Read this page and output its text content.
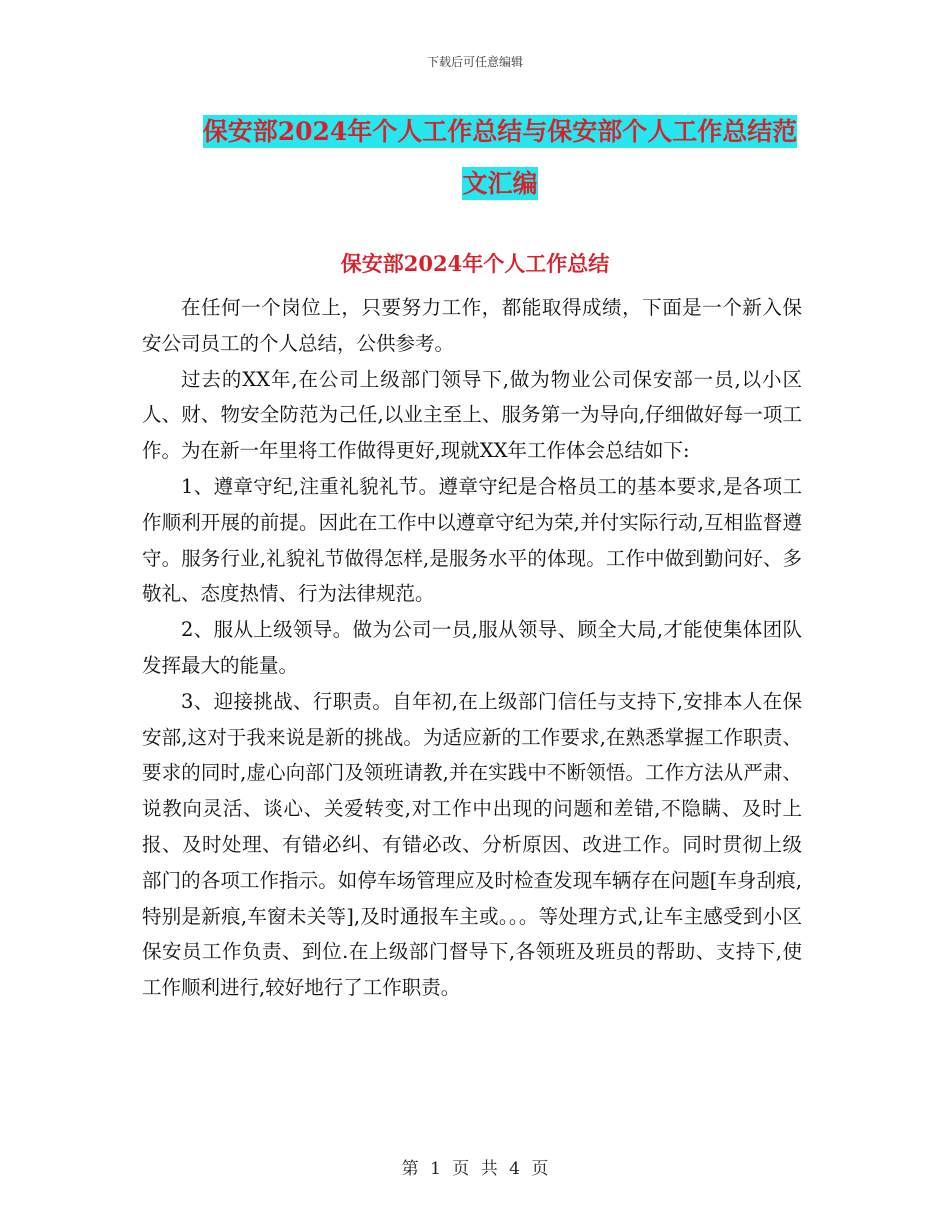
下载后可任意编辑
保安部2024年个人工作总结与保安部个人工作总结范
文汇编
保安部2024年个人工作总结

在任何一个岗位上，只要努力工作，都能取得成绩，下面是一个新入保安公司员工的个人总结，公供参考。

过去的XX年,在公司上级部门领导下,做为物业公司保安部一员,以小区人、财、物安全防范为己任,以业主至上、服务第一为导向,仔细做好每一项工作。为在新一年里将工作做得更好,现就XX年工作体会总结如下:

1、遵章守纪,注重礼貌礼节。遵章守纪是合格员工的基本要求,是各项工作顺利开展的前提。因此在工作中以遵章守纪为荣,并付实际行动,互相监督遵守。服务行业,礼貌礼节做得怎样,是服务水平的体现。工作中做到勤问好、多敬礼、态度热情、行为法律规范。

2、服从上级领导。做为公司一员,服从领导、顾全大局,才能使集体团队发挥最大的能量。

3、迎接挑战、行职责。自年初,在上级部门信任与支持下,安排本人在保安部,这对于我来说是新的挑战。为适应新的工作要求,在熟悉掌握工作职责、要求的同时,虚心向部门及领班请教,并在实践中不断领悟。工作方法从严肃、说教向灵活、谈心、关爱转变,对工作中出现的问题和差错,不隐瞒、及时上报、及时处理、有错必纠、有错必改、分析原因、改进工作。同时贯彻上级部门的各项工作指示。如停车场管理应及时检查发现车辆存在问题[车身刮痕,特别是新痕,车窗未关等],及时通报车主或。。。等处理方式,让车主感受到小区保安员工作负责、到位.在上级部门督导下,各领班及班员的帮助、支持下,使工作顺利进行,较好地行了工作职责。

第 1 页 共 4 页
